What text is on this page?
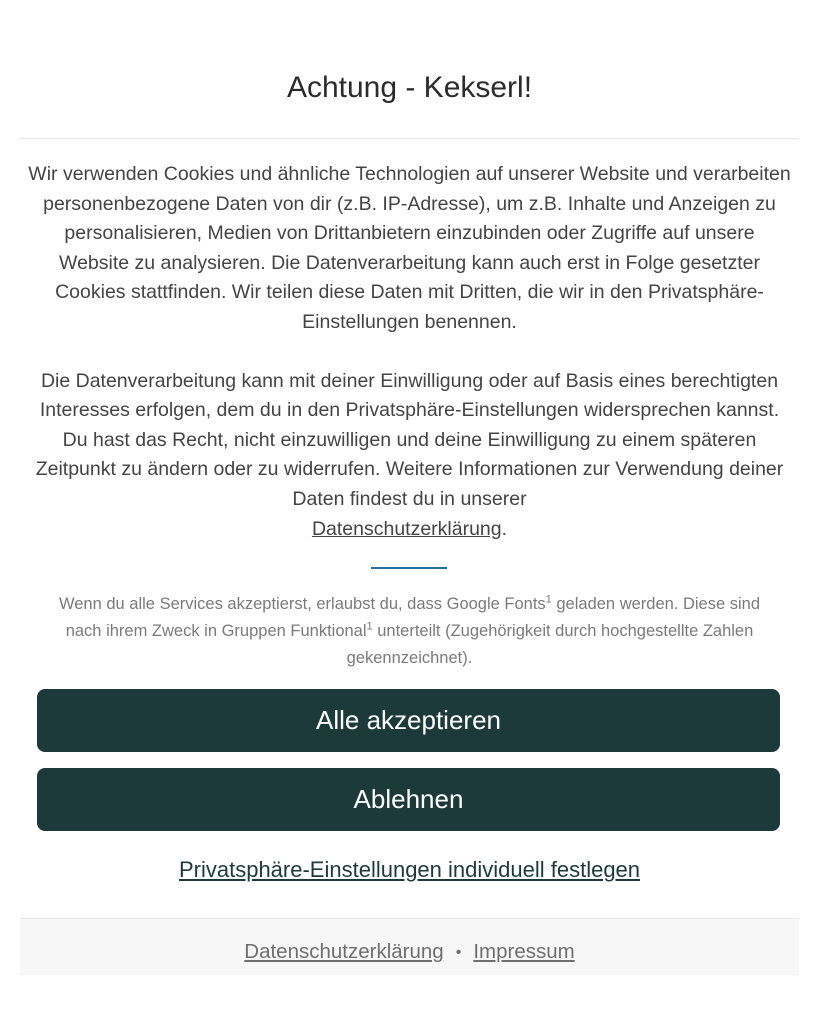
Achtung - Kekserl!

Wir verwenden Cookies und ähnliche Technologien auf unserer Website und verarbeiten personenbezogene Daten von dir (z.B. IP-Adresse), um z.B. Inhalte und Anzeigen zu personalisieren, Medien von Drittanbietern einzubinden oder Zugriffe auf unsere Website zu analysieren. Die Datenverarbeitung kann auch erst in Folge gesetzter Cookies stattfinden. Wir teilen diese Daten mit Dritten, die wir in den Privatsphäre-Einstellungen benennen.

Die Datenverarbeitung kann mit deiner Einwilligung oder auf Basis eines berechtigten Interesses erfolgen, dem du in den Privatsphäre-Einstellungen widersprechen kannst. Du hast das Recht, nicht einzuwilligen und deine Einwilligung zu einem späteren Zeitpunkt zu ändern oder zu widerrufen. Weitere Informationen zur Verwendung deiner Daten findest du in unserer
Datenschutzerklärung.

Wenn du alle Services akzeptierst, erlaubst du, dass Google Fonts$^1$ geladen werden. Diese sind nach ihrem Zweck in Gruppen Funktional$^1$ unterteilt (Zugehörigkeit durch hochgestellte Zahlen gekennzeichnet).
Alle akzeptieren
Ablehnen
Privatsphäre-Einstellungen individuell festlegen
Datenschutzerklärung • Impressum
